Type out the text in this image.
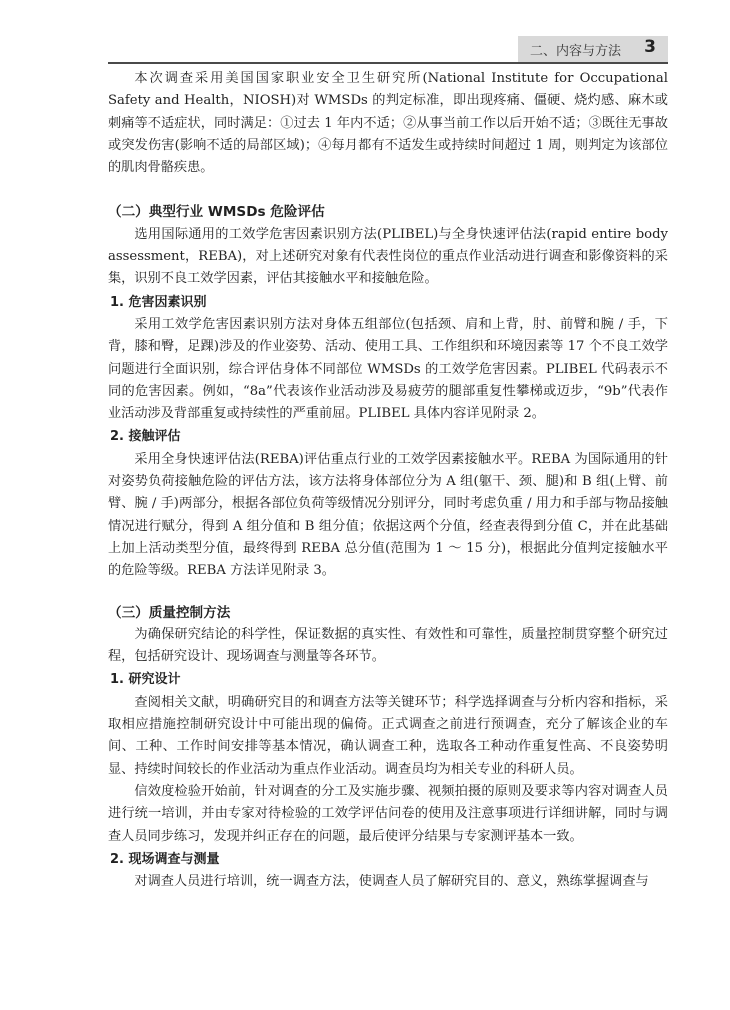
二、内容与方法 3

本次调查采用美国国家职业安全卫生研究所(National Institute for Occupational Safety and Health，NIOSH)对 WMSDs 的判定标准，即出现疼痛、僵硬、烧灼感、麻木或刺痛等不适症状，同时满足：①过去 1 年内不适；②从事当前工作以后开始不适；③既往无事故或突发伤害(影响不适的局部区域)；④每月都有不适发生或持续时间超过 1 周，则判定为该部位的肌肉骨骼疾患。

（二）典型行业 WMSDs 危险评估

选用国际通用的工效学危害因素识别方法(PLIBEL)与全身快速评估法(rapid entire body assessment，REBA)，对上述研究对象有代表性岗位的重点作业活动进行调查和影像资料的采集，识别不良工效学因素，评估其接触水平和接触危险。

1. 危害因素识别

采用工效学危害因素识别方法对身体五组部位(包括颈、肩和上背，肘、前臂和腕 / 手，下背，膝和臀，足踝)涉及的作业姿势、活动、使用工具、工作组织和环境因素等 17 个不良工效学问题进行全面识别，综合评估身体不同部位 WMSDs 的工效学危害因素。PLIBEL 代码表示不同的危害因素。例如，“8a”代表该作业活动涉及易疲劳的腿部重复性攀梯或迈步，“9b”代表作业活动涉及背部重复或持续性的严重前屈。PLIBEL 具体内容详见附录 2。

2. 接触评估

采用全身快速评估法(REBA)评估重点行业的工效学因素接触水平。REBA 为国际通用的针对姿势负荷接触危险的评估方法，该方法将身体部位分为 A 组(躯干、颈、腿)和 B 组(上臂、前臂、腕 / 手)两部分，根据各部位负荷等级情况分别评分，同时考虑负重 / 用力和手部与物品接触情况进行赋分，得到 A 组分值和 B 组分值；依据这两个分值，经查表得到分值 C，并在此基础上加上活动类型分值，最终得到 REBA 总分值(范围为 1 ～ 15 分)，根据此分值判定接触水平的危险等级。REBA 方法详见附录 3。

（三）质量控制方法

为确保研究结论的科学性，保证数据的真实性、有效性和可靠性，质量控制贯穿整个研究过程，包括研究设计、现场调查与测量等各环节。

1. 研究设计

查阅相关文献，明确研究目的和调查方法等关键环节；科学选择调查与分析内容和指标，采取相应措施控制研究设计中可能出现的偏倚。正式调查之前进行预调查，充分了解该企业的车间、工种、工作时间安排等基本情况，确认调查工种，选取各工种动作重复性高、不良姿势明显、持续时间较长的作业活动为重点作业活动。调查员均为相关专业的科研人员。

信效度检验开始前，针对调查的分工及实施步骤、视频拍摄的原则及要求等内容对调查人员进行统一培训，并由专家对待检验的工效学评估问卷的使用及注意事项进行详细讲解，同时与调查人员同步练习，发现并纠正存在的问题，最后使评分结果与专家测评基本一致。

2. 现场调查与测量

对调查人员进行培训，统一调查方法，使调查人员了解研究目的、意义，熟练掌握调查与
